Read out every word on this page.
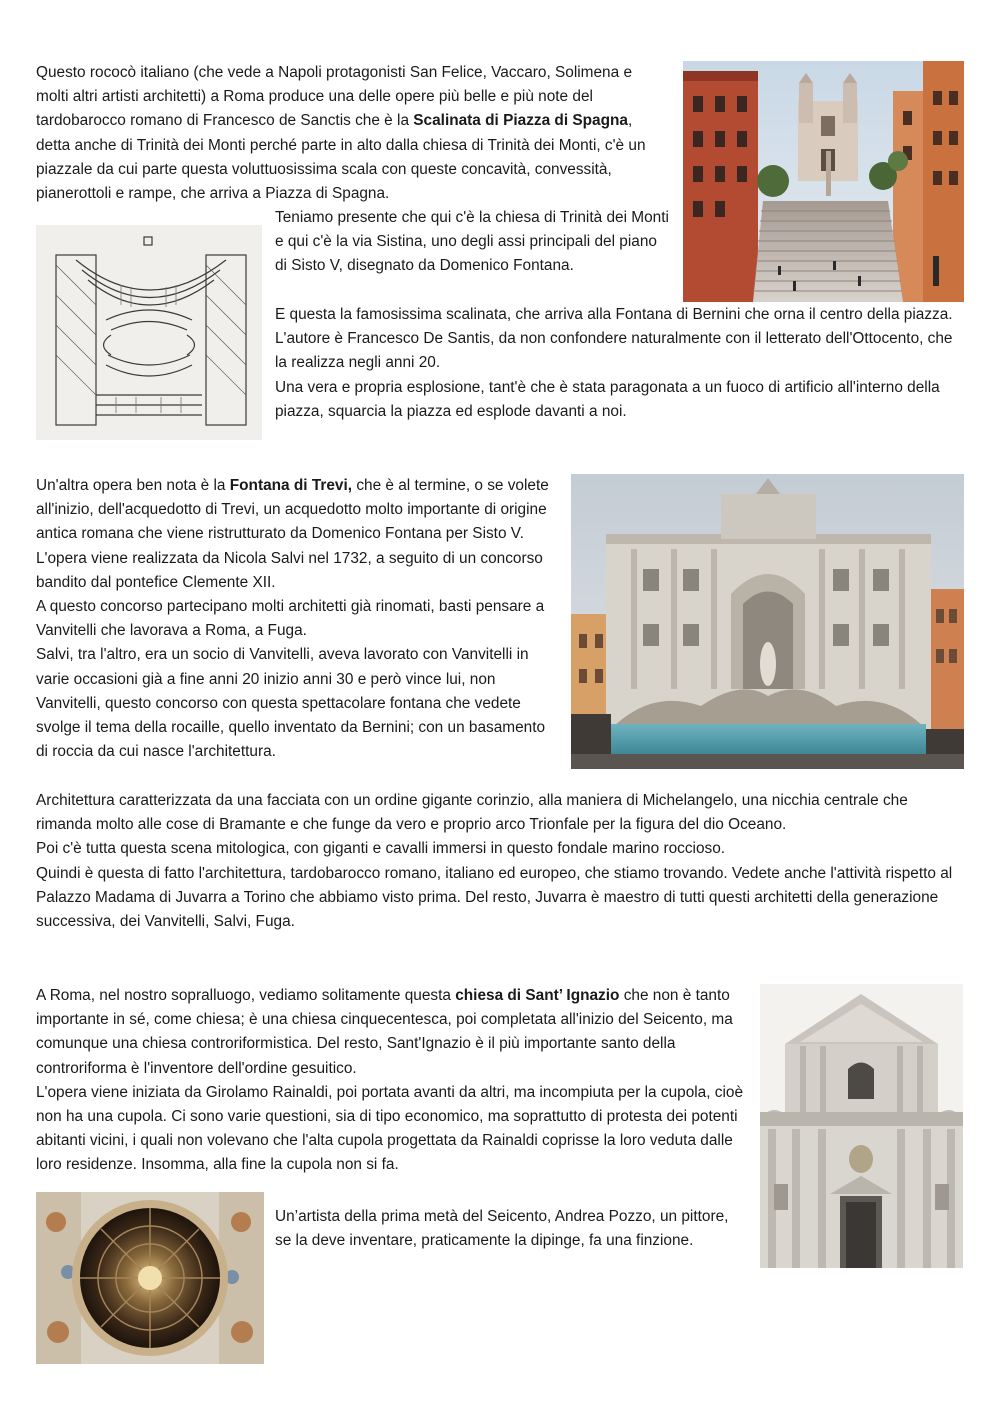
Questo rococò italiano (che vede a Napoli protagonisti San Felice, Vaccaro, Solimena e molti altri artisti architetti) a Roma produce una delle opere più belle e più note del tardobarocco romano di Francesco de Sanctis che è la Scalinata di Piazza di Spagna, detta anche di Trinità dei Monti perché parte in alto dalla chiesa di Trinità dei Monti, c'è un piazzale da cui parte questa voluttuosissima scala con queste concavità, convessità, pianerottoli e rampe, che arriva a Piazza di Spagna.

Teniamo presente che qui c'è la chiesa di Trinità dei Monti e qui c'è la via Sistina, uno degli assi principali del piano di Sisto V, disegnato da Domenico Fontana.

E questa la famosissima scalinata, che arriva alla Fontana di Bernini che orna il centro della piazza.

L'autore è Francesco De Santis, da non confondere naturalmente con il letterato dell'Ottocento, che la realizza negli anni 20.

Una vera e propria esplosione, tant'è che è stata paragonata a un fuoco di artificio all'interno della piazza, squarcia la piazza ed esplode davanti a noi.

Un'altra opera ben nota è la Fontana di Trevi, che è al termine, o se volete all'inizio, dell'acquedotto di Trevi, un acquedotto molto importante di origine antica romana che viene ristrutturato da Domenico Fontana per Sisto V.

L'opera viene realizzata da Nicola Salvi nel 1732, a seguito di un concorso bandito dal pontefice Clemente XII.

A questo concorso partecipano molti architetti già rinomati, basti pensare a Vanvitelli che lavorava a Roma, a Fuga.

Salvi, tra l'altro, era un socio di Vanvitelli, aveva lavorato con Vanvitelli in varie occasioni già a fine anni 20 inizio anni 30 e però vince lui, non Vanvitelli, questo concorso con questa spettacolare fontana che vedete svolge il tema della rocaille, quello inventato da Bernini; con un basamento di roccia da cui nasce l'architettura.

Architettura caratterizzata da una facciata con un ordine gigante corinzio, alla maniera di Michelangelo, una nicchia centrale che rimanda molto alle cose di Bramante e che funge da vero e proprio arco Trionfale per la figura del dio Oceano.

Poi c'è tutta questa scena mitologica, con giganti e cavalli immersi in questo fondale marino roccioso.

Quindi è questa di fatto l'architettura, tardobarocco romano, italiano ed europeo, che stiamo trovando. Vedete anche l'attività rispetto al Palazzo Madama di Juvarra a Torino che abbiamo visto prima. Del resto, Juvarra è maestro di tutti questi architetti della generazione successiva, dei Vanvitelli, Salvi, Fuga.

A Roma, nel nostro sopralluogo, vediamo solitamente questa chiesa di Sant’ Ignazio che non è tanto importante in sé, come chiesa; è una chiesa cinquecentesca, poi completata all'inizio del Seicento, ma comunque una chiesa controriformistica. Del resto, Sant'Ignazio è il più importante santo della controriforma è l'inventore dell'ordine gesuitico.

L'opera viene iniziata da Girolamo Rainaldi, poi portata avanti da altri, ma incompiuta per la cupola, cioè non ha una cupola. Ci sono varie questioni, sia di tipo economico, ma soprattutto di protesta dei potenti abitanti vicini, i quali non volevano che l'alta cupola progettata da Rainaldi coprisse la loro veduta dalle loro residenze. Insomma, alla fine la cupola non si fa.

Un’artista della prima metà del Seicento, Andrea Pozzo, un pittore, se la deve inventare, praticamente la dipinge, fa una finzione.
